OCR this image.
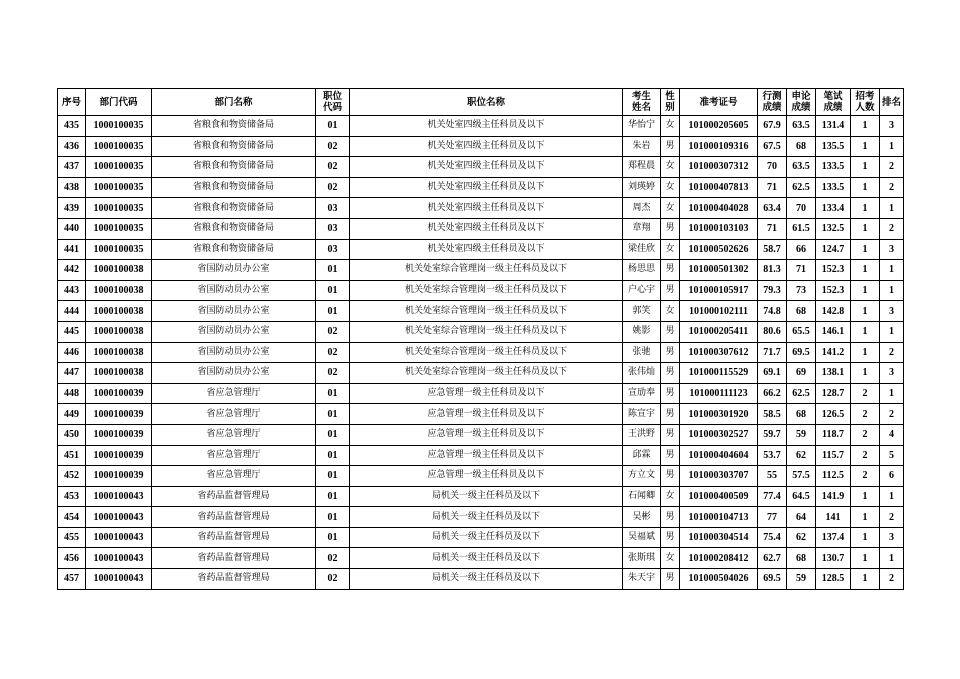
序号	部门代码	部门名称	职位代码	职位名称	考生姓名	性别	准考证号	行测成绩	申论成绩	笔试成绩	招考人数	排名
435	1000100035	省粮食和物资储备局	01	机关处室四级主任科员及以下	华怡宁	女	101000205605	67.9	63.5	131.4	1	3
436	1000100035	省粮食和物资储备局	02	机关处室四级主任科员及以下	朱岩	男	101000109316	67.5	68	135.5	1	1
437	1000100035	省粮食和物资储备局	02	机关处室四级主任科员及以下	郑程晨	女	101000307312	70	63.5	133.5	1	2
438	1000100035	省粮食和物资储备局	02	机关处室四级主任科员及以下	刘瑛婷	女	101000407813	71	62.5	133.5	1	2
439	1000100035	省粮食和物资储备局	03	机关处室四级主任科员及以下	周杰	女	101000404028	63.4	70	133.4	1	1
440	1000100035	省粮食和物资储备局	03	机关处室四级主任科员及以下	章翔	男	101000103103	71	61.5	132.5	1	2
441	1000100035	省粮食和物资储备局	03	机关处室四级主任科员及以下	梁佳欣	女	101000502626	58.7	66	124.7	1	3
442	1000100038	省国防动员办公室	01	机关处室综合管理岗一级主任科员及以下	杨思思	男	101000501302	81.3	71	152.3	1	1
443	1000100038	省国防动员办公室	01	机关处室综合管理岗一级主任科员及以下	户心宇	男	101000105917	79.3	73	152.3	1	1
444	1000100038	省国防动员办公室	01	机关处室综合管理岗一级主任科员及以下	郭笑	女	101000102111	74.8	68	142.8	1	3
445	1000100038	省国防动员办公室	02	机关处室综合管理岗一级主任科员及以下	姚影	男	101000205411	80.6	65.5	146.1	1	1
446	1000100038	省国防动员办公室	02	机关处室综合管理岗一级主任科员及以下	张驰	男	101000307612	71.7	69.5	141.2	1	2
447	1000100038	省国防动员办公室	02	机关处室综合管理岗一级主任科员及以下	张伟灿	男	101000115529	69.1	69	138.1	1	3
448	1000100039	省应急管理厅	01	应急管理一级主任科员及以下	宣劢奉	男	101000111123	66.2	62.5	128.7	2	1
449	1000100039	省应急管理厅	01	应急管理一级主任科员及以下	陈宣宇	男	101000301920	58.5	68	126.5	2	2
450	1000100039	省应急管理厅	01	应急管理一级主任科员及以下	王洪野	男	101000302527	59.7	59	118.7	2	4
451	1000100039	省应急管理厅	01	应急管理一级主任科员及以下	邱霖	男	101000404604	53.7	62	115.7	2	5
452	1000100039	省应急管理厅	01	应急管理一级主任科员及以下	方立文	男	101000303707	55	57.5	112.5	2	6
453	1000100043	省药品监督管理局	01	局机关一级主任科员及以下	石闻卿	女	101000400509	77.4	64.5	141.9	1	1
454	1000100043	省药品监督管理局	01	局机关一级主任科员及以下	吴彬	男	101000104713	77	64	141	1	2
455	1000100043	省药品监督管理局	01	局机关一级主任科员及以下	吴福斌	男	101000304514	75.4	62	137.4	1	3
456	1000100043	省药品监督管理局	02	局机关一级主任科员及以下	张斯琪	女	101000208412	62.7	68	130.7	1	1
457	1000100043	省药品监督管理局	02	局机关一级主任科员及以下	朱天宇	男	101000504026	69.5	59	128.5	1	2
